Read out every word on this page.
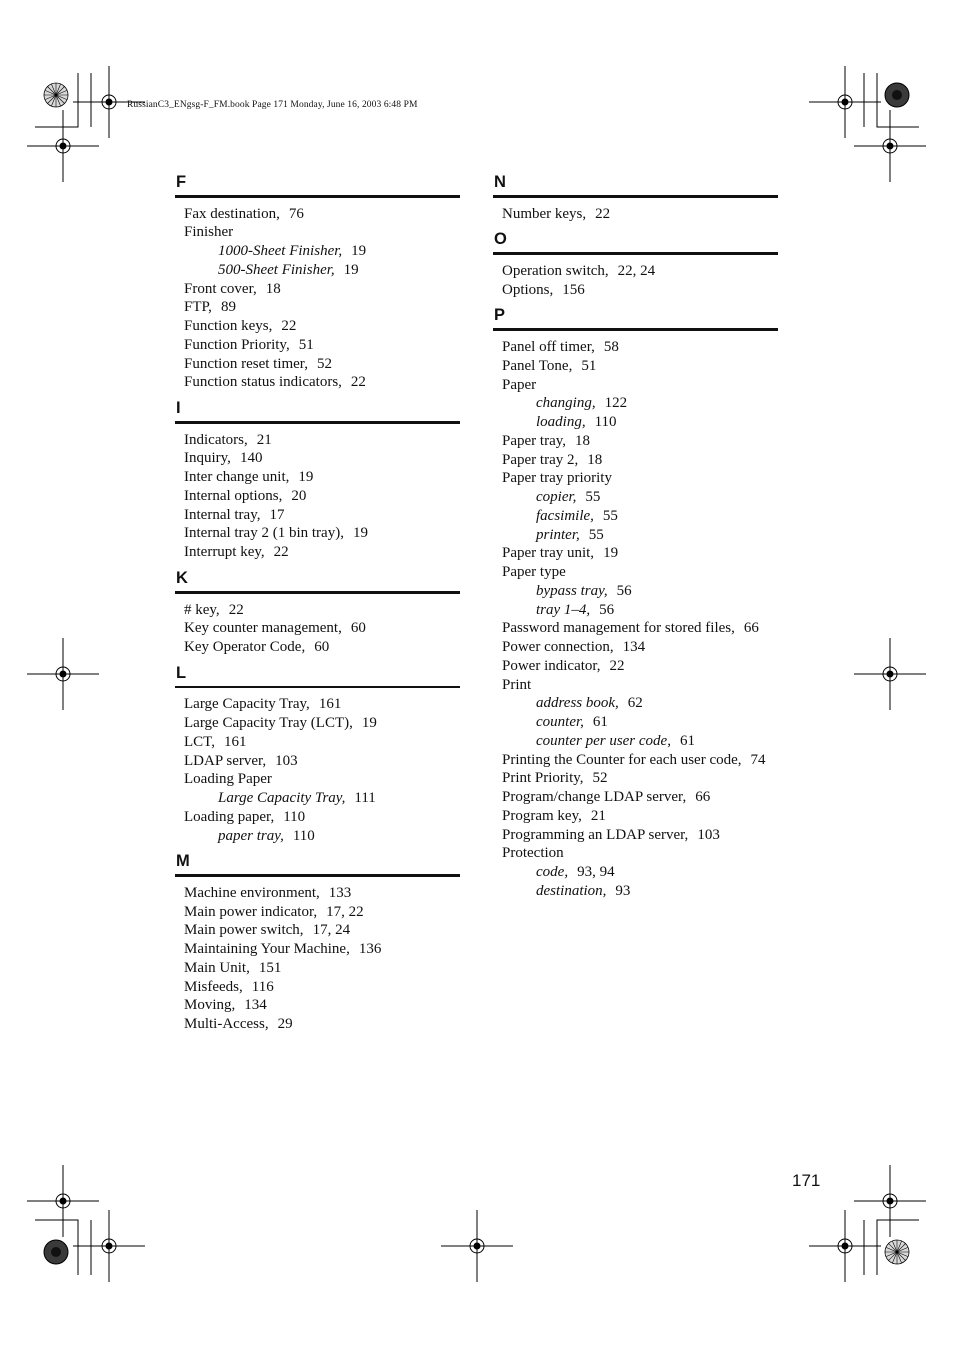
RussianC3_ENgsg-F_FM.book Page 171 Monday, June 16, 2003 6:48 PM
F
Fax destination, 76
Finisher
1000-Sheet Finisher, 19
500-Sheet Finisher, 19
Front cover, 18
FTP, 89
Function keys, 22
Function Priority, 51
Function reset timer, 52
Function status indicators, 22
I
Indicators, 21
Inquiry, 140
Inter change unit, 19
Internal options, 20
Internal tray, 17
Internal tray 2 (1 bin tray), 19
Interrupt key, 22
K
# key, 22
Key counter management, 60
Key Operator Code, 60
L
Large Capacity Tray, 161
Large Capacity Tray (LCT), 19
LCT, 161
LDAP server, 103
Loading Paper
Large Capacity Tray, 111
Loading paper, 110
paper tray, 110
M
Machine environment, 133
Main power indicator, 17, 22
Main power switch, 17, 24
Maintaining Your Machine, 136
Main Unit, 151
Misfeeds, 116
Moving, 134
Multi-Access, 29
N
Number keys, 22
O
Operation switch, 22, 24
Options, 156
P
Panel off timer, 58
Panel Tone, 51
Paper
changing, 122
loading, 110
Paper tray, 18
Paper tray 2, 18
Paper tray priority
copier, 55
facsimile, 55
printer, 55
Paper tray unit, 19
Paper type
bypass tray, 56
tray 1–4, 56
Password management for stored files, 66
Power connection, 134
Power indicator, 22
Print
address book, 62
counter, 61
counter per user code, 61
Printing the Counter for each user code, 74
Print Priority, 52
Program/change LDAP server, 66
Program key, 21
Programming an LDAP server, 103
Protection
code, 93, 94
destination, 93
171
